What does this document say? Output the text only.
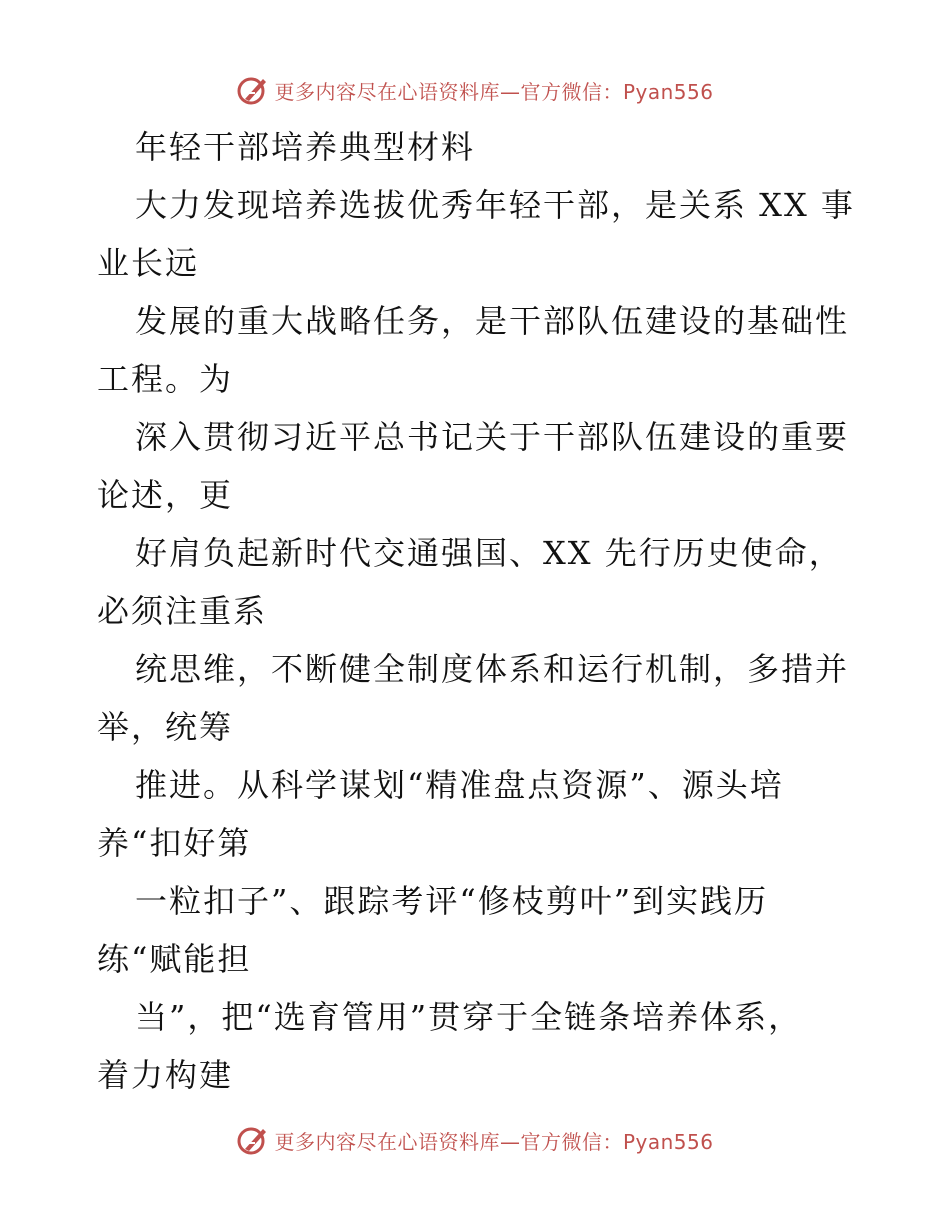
更多内容尽在心语资料库—官方微信：Pyan556
年轻干部培养典型材料
大力发现培养选拔优秀年轻干部，是关系 XX 事
业长远
发展的重大战略任务，是干部队伍建设的基础性
工程。为
深入贯彻习近平总书记关于干部队伍建设的重要
论述，更
好肩负起新时代交通强国、XX 先行历史使命，
必须注重系
统思维，不断健全制度体系和运行机制，多措并
举，统筹
推进。从科学谋划“精准盘点资源”、源头培
养“扣好第
一粒扣子”、跟踪考评“修枝剪叶”到实践历
练“赋能担
当”，把“选育管用”贯穿于全链条培养体系，
着力构建
更多内容尽在心语资料库—官方微信：Pyan556
